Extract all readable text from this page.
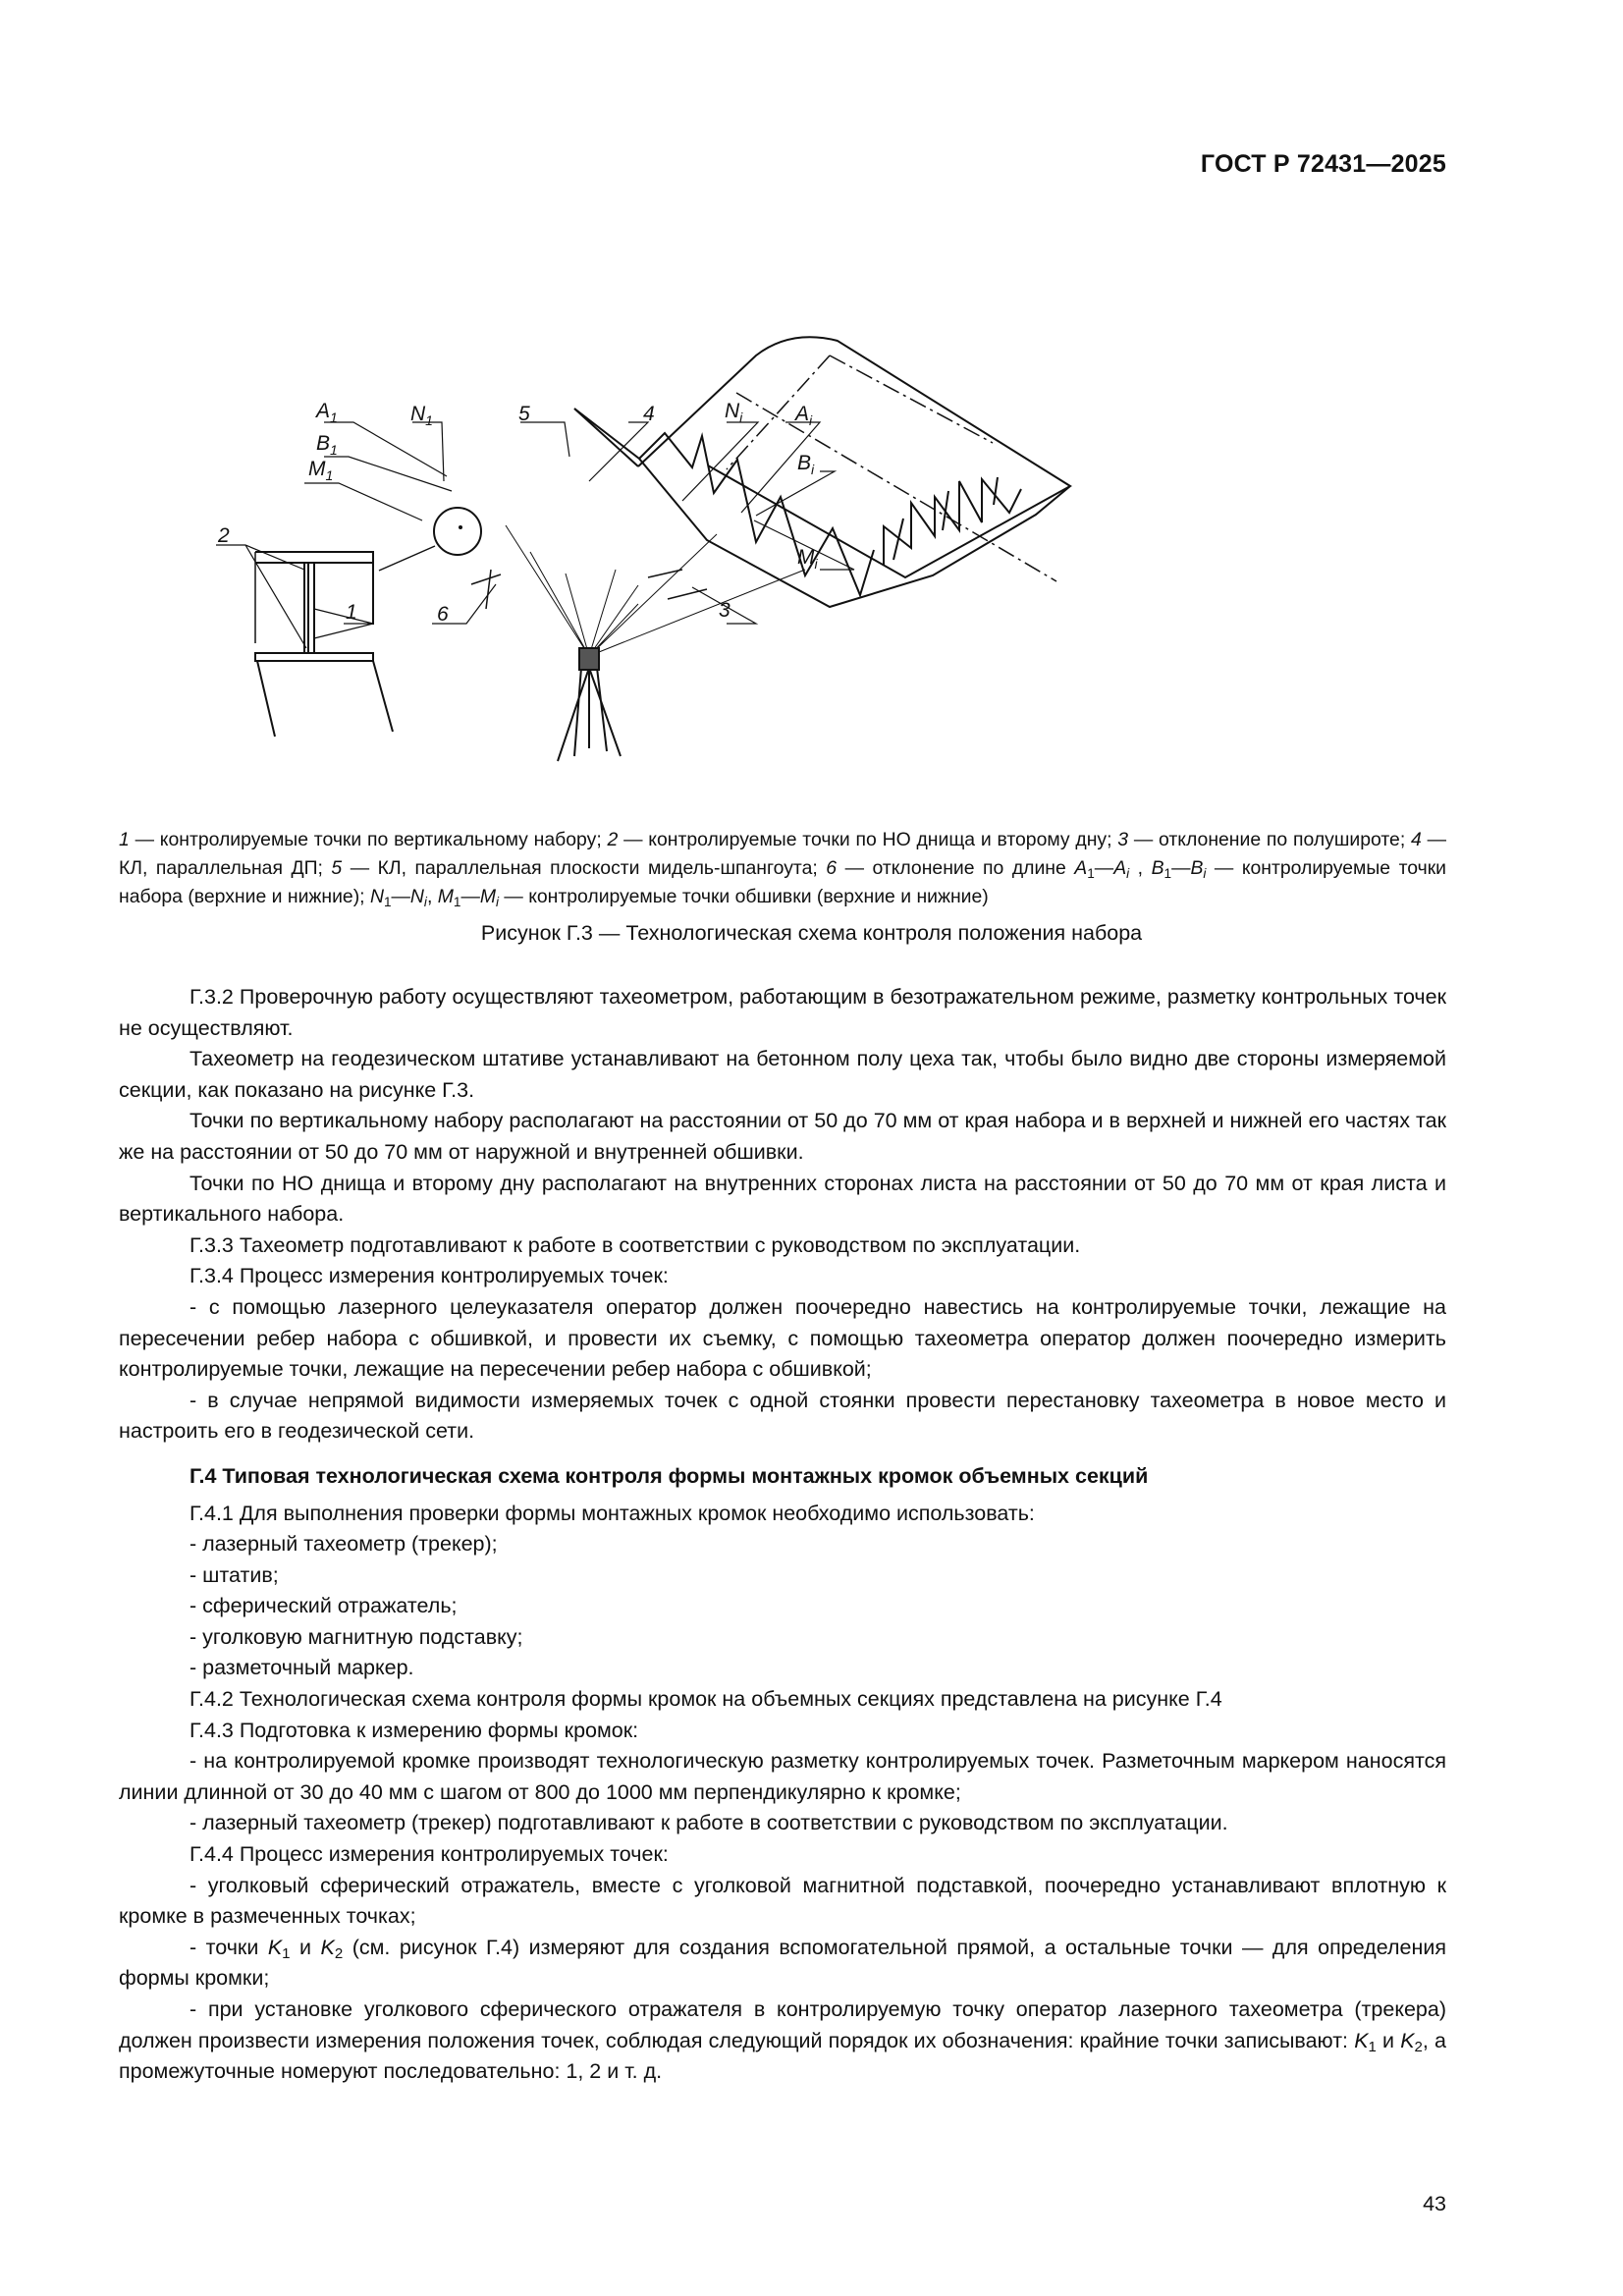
ГОСТ Р 72431—2025
$A_1$	$N_1$	5	4	$N_i$	$A_i$
$B_1$
$B_i$
$M_1$
$M_i$
2
1	6	3
1 — контролируемые точки по вертикальному набору; 2 — контролируемые точки по НО днища и второму дну; 3 — отклонение по полушироте; 4 — КЛ, параллельная ДП; 5 — КЛ, параллельная плоскости мидель-шпангоута; 6 — отклонение по длине $A_1—A_i$ , $B_1—B_i$ — контролируемые точки набора (верхние и нижние); $N_1—N_i$, $M_1—M_i$ — контролируемые точки обшивки (верхние и нижние)
Рисунок Г.3 — Технологическая схема контроля положения набора

Г.3.2 Проверочную работу осуществляют тахеометром, работающим в безотражательном режиме, разметку контрольных точек не осуществляют.

Тахеометр на геодезическом штативе устанавливают на бетонном полу цеха так, чтобы было видно две стороны измеряемой секции, как показано на рисунке Г.3.

Точки по вертикальному набору располагают на расстоянии от 50 до 70 мм от края набора и в верхней и нижней его частях так же на расстоянии от 50 до 70 мм от наружной и внутренней обшивки.

Точки по НО днища и второму дну располагают на внутренних сторонах листа на расстоянии от 50 до 70 мм от края листа и вертикального набора.

Г.3.3 Тахеометр подготавливают к работе в соответствии с руководством по эксплуатации.

Г.3.4 Процесс измерения контролируемых точек:

- с помощью лазерного целеуказателя оператор должен поочередно навестись на контролируемые точки, лежащие на пересечении ребер набора с обшивкой, и провести их съемку, с помощью тахеометра оператор должен поочередно измерить контролируемые точки, лежащие на пересечении ребер набора с обшивкой;

- в случае непрямой видимости измеряемых точек с одной стоянки провести перестановку тахеометра в новое место и настроить его в геодезической сети.

Г.4 Типовая технологическая схема контроля формы монтажных кромок объемных секций

Г.4.1 Для выполнения проверки формы монтажных кромок необходимо использовать:

- лазерный тахеометр (трекер);

- штатив;

- сферический отражатель;

- уголковую магнитную подставку;

- разметочный маркер.

Г.4.2 Технологическая схема контроля формы кромок на объемных секциях представлена на рисунке Г.4

Г.4.3 Подготовка к измерению формы кромок:

- на контролируемой кромке производят технологическую разметку контролируемых точек. Разметочным маркером наносятся линии длинной от 30 до 40 мм с шагом от 800 до 1000 мм перпендикулярно к кромке;

- лазерный тахеометр (трекер) подготавливают к работе в соответствии с руководством по эксплуатации.

Г.4.4 Процесс измерения контролируемых точек:

- уголковый сферический отражатель, вместе с уголковой магнитной подставкой, поочередно устанавливают вплотную к кромке в размеченных точках;

- точки $K_1$ и $K_2$ (см. рисунок Г.4) измеряют для создания вспомогательной прямой, а остальные точки — для определения формы кромки;

- при установке уголкового сферического отражателя в контролируемую точку оператор лазерного тахеометра (трекера) должен произвести измерения положения точек, соблюдая следующий порядок их обозначения: крайние точки записывают: $K_1$ и $K_2$, а промежуточные номеруют последовательно: 1, 2 и т. д.

43
